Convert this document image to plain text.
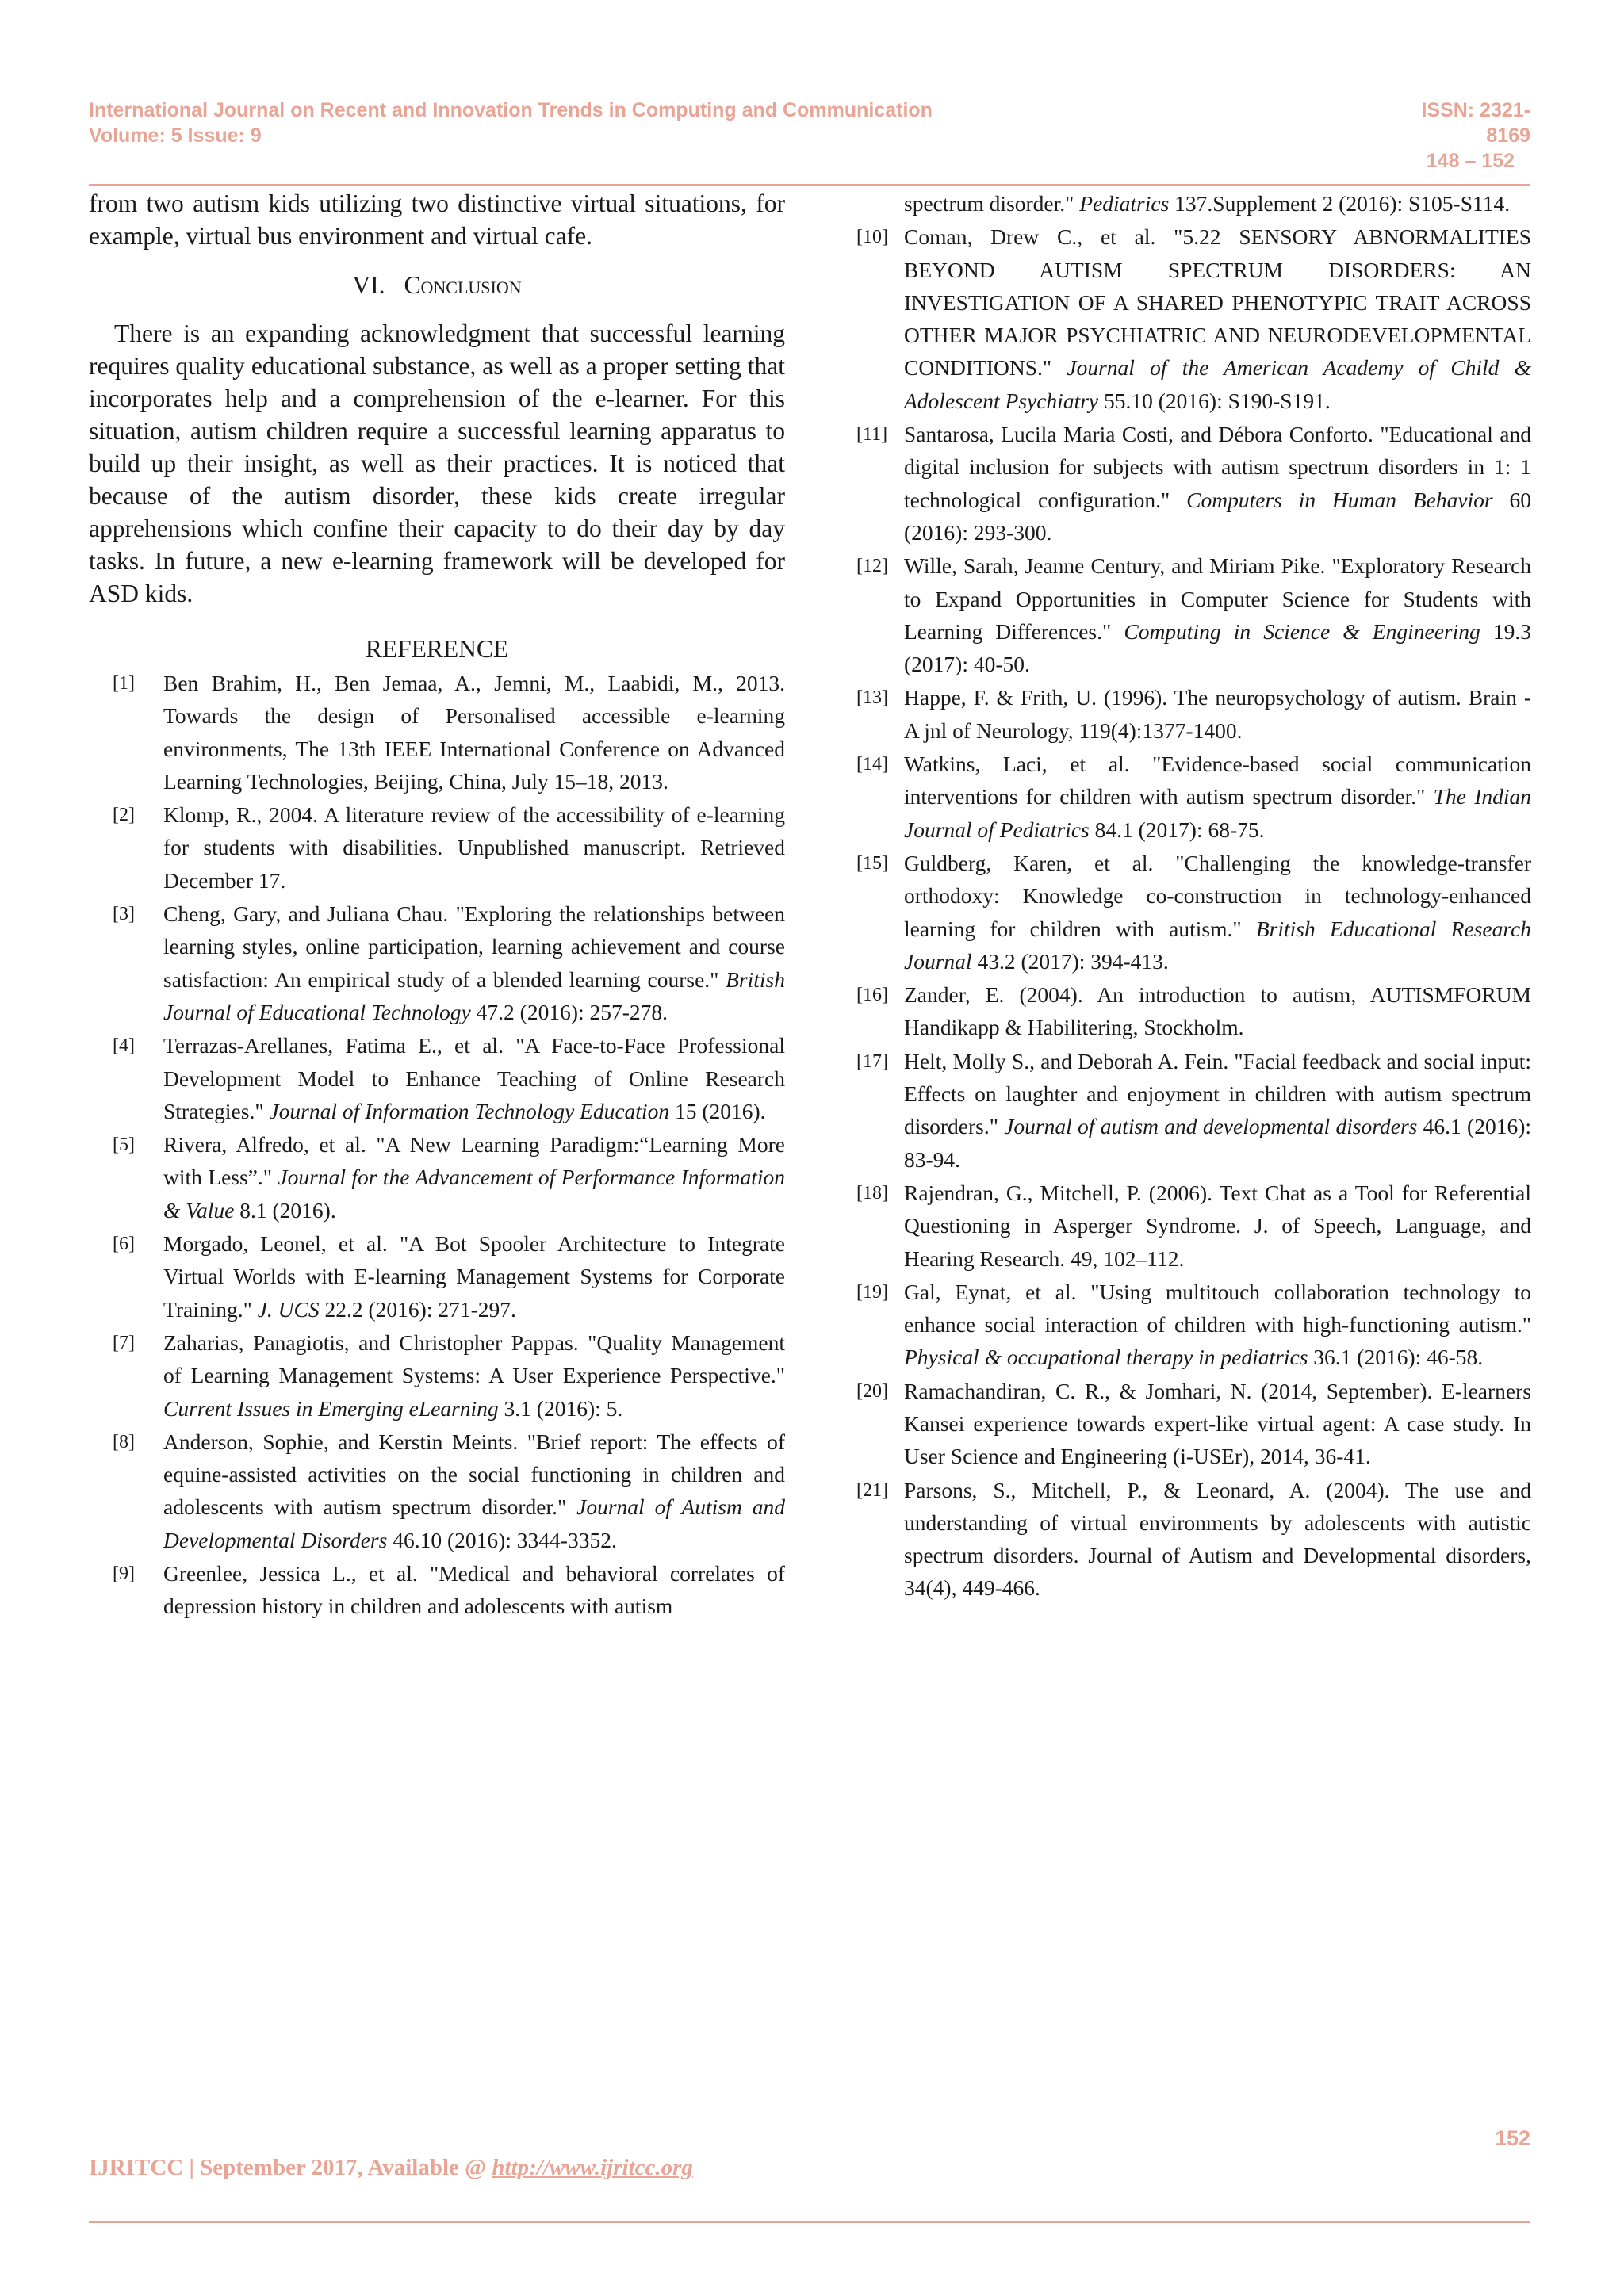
International Journal on Recent and Innovation Trends in Computing and Communication
Volume: 5 Issue: 9
ISSN: 2321-8169
148 – 152

from two autism kids utilizing two distinctive virtual situations, for example, virtual bus environment and virtual cafe.

VI. Conclusion

There is an expanding acknowledgment that successful learning requires quality educational substance, as well as a proper setting that incorporates help and a comprehension of the e-learner. For this situation, autism children require a successful learning apparatus to build up their insight, as well as their practices. It is noticed that because of the autism disorder, these kids create irregular apprehensions which confine their capacity to do their day by day tasks. In future, a new e-learning framework will be developed for ASD kids.

REFERENCE
[1] Ben Brahim, H., Ben Jemaa, A., Jemni, M., Laabidi, M., 2013. Towards the design of Personalised accessible e-learning environments, The 13th IEEE International Conference on Advanced Learning Technologies, Beijing, China, July 15–18, 2013.
[2] Klomp, R., 2004. A literature review of the accessibility of e-learning for students with disabilities. Unpublished manuscript. Retrieved December 17.
[3] Cheng, Gary, and Juliana Chau. "Exploring the relationships between learning styles, online participation, learning achievement and course satisfaction: An empirical study of a blended learning course." British Journal of Educational Technology 47.2 (2016): 257-278.
[4] Terrazas-Arellanes, Fatima E., et al. "A Face-to-Face Professional Development Model to Enhance Teaching of Online Research Strategies." Journal of Information Technology Education 15 (2016).
[5] Rivera, Alfredo, et al. "A New Learning Paradigm:“Learning More with Less”." Journal for the Advancement of Performance Information & Value 8.1 (2016).
[6] Morgado, Leonel, et al. "A Bot Spooler Architecture to Integrate Virtual Worlds with E-learning Management Systems for Corporate Training." J. UCS 22.2 (2016): 271-297.
[7] Zaharias, Panagiotis, and Christopher Pappas. "Quality Management of Learning Management Systems: A User Experience Perspective." Current Issues in Emerging eLearning 3.1 (2016): 5.
[8] Anderson, Sophie, and Kerstin Meints. "Brief report: The effects of equine-assisted activities on the social functioning in children and adolescents with autism spectrum disorder." Journal of Autism and Developmental Disorders 46.10 (2016): 3344-3352.
[9] Greenlee, Jessica L., et al. "Medical and behavioral correlates of depression history in children and adolescents with autism
spectrum disorder." Pediatrics 137.Supplement 2 (2016): S105-S114.
[10] Coman, Drew C., et al. "5.22 SENSORY ABNORMALITIES BEYOND AUTISM SPECTRUM DISORDERS: AN INVESTIGATION OF A SHARED PHENOTYPIC TRAIT ACROSS OTHER MAJOR PSYCHIATRIC AND NEURODEVELOPMENTAL CONDITIONS." Journal of the American Academy of Child & Adolescent Psychiatry 55.10 (2016): S190-S191.
[11] Santarosa, Lucila Maria Costi, and Débora Conforto. "Educational and digital inclusion for subjects with autism spectrum disorders in 1: 1 technological configuration." Computers in Human Behavior 60 (2016): 293-300.
[12] Wille, Sarah, Jeanne Century, and Miriam Pike. "Exploratory Research to Expand Opportunities in Computer Science for Students with Learning Differences." Computing in Science & Engineering 19.3 (2017): 40-50.
[13] Happe, F. & Frith, U. (1996). The neuropsychology of autism. Brain - A jnl of Neurology, 119(4):1377-1400.
[14] Watkins, Laci, et al. "Evidence-based social communication interventions for children with autism spectrum disorder." The Indian Journal of Pediatrics 84.1 (2017): 68-75.
[15] Guldberg, Karen, et al. "Challenging the knowledge-transfer orthodoxy: Knowledge co-construction in technology-enhanced learning for children with autism." British Educational Research Journal 43.2 (2017): 394-413.
[16] Zander, E. (2004). An introduction to autism, AUTISMFORUM Handikapp & Habilitering, Stockholm.
[17] Helt, Molly S., and Deborah A. Fein. "Facial feedback and social input: Effects on laughter and enjoyment in children with autism spectrum disorders." Journal of autism and developmental disorders 46.1 (2016): 83-94.
[18] Rajendran, G., Mitchell, P. (2006). Text Chat as a Tool for Referential Questioning in Asperger Syndrome. J. of Speech, Language, and Hearing Research. 49, 102–112.
[19] Gal, Eynat, et al. "Using multitouch collaboration technology to enhance social interaction of children with high-functioning autism." Physical & occupational therapy in pediatrics 36.1 (2016): 46-58.
[20] Ramachandiran, C. R., & Jomhari, N. (2014, September). E-learners Kansei experience towards expert-like virtual agent: A case study. In User Science and Engineering (i-USEr), 2014, 36-41.
[21] Parsons, S., Mitchell, P., & Leonard, A. (2004). The use and understanding of virtual environments by adolescents with autistic spectrum disorders. Journal of Autism and Developmental disorders, 34(4), 449-466.
152
IJRITCC | September 2017, Available @ http://www.ijritcc.org
